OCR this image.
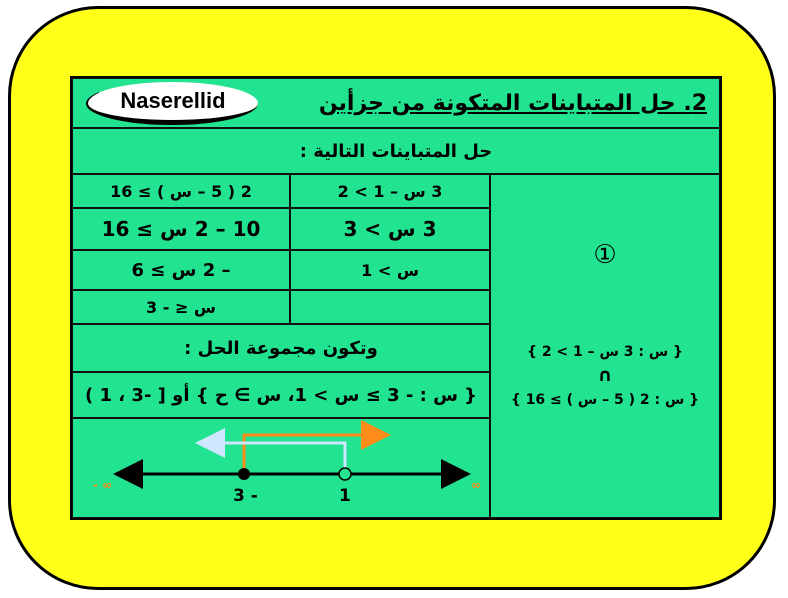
2. حل المتباينات المتكونة من جزأين
Naserellid
حل المتباينات التالية :
①
{ س : 3 س – 1 > 2 }
∩
{ س : 2 ( 5 – س ) ≥ 16 }
3 س – 1 > 2
3 س > 3
س > 1
2 ( 5 – س ) ≥ 16
10 – 2 س ≥ 16
– 2 س ≥ 6
س ≤ - 3
وتكون مجموعة الحل :
{ س : - 3 ≥ س > 1، س ∋ ح } أو [ -3 ، 1 )
3 -	1
- ∞	∞
